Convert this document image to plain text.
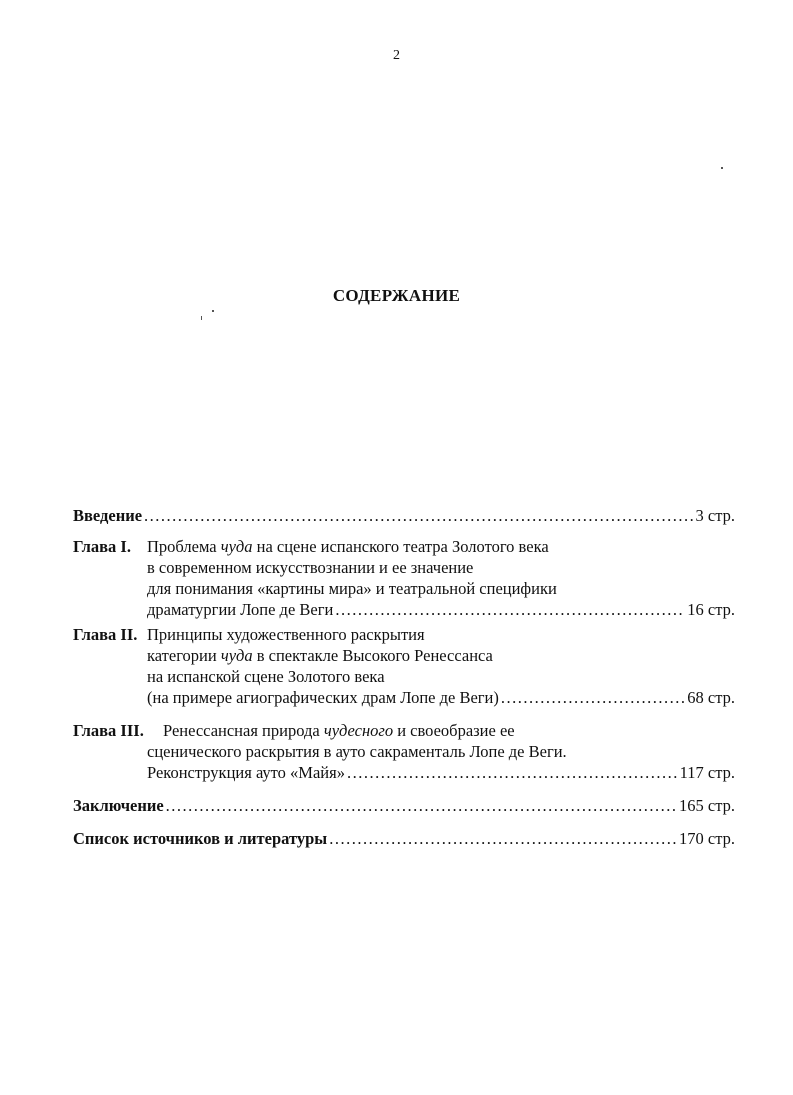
2
СОДЕРЖАНИЕ
Введение .....	3 стр.
Глава I. Проблема чуда на сцене испанского театра Золотого века
в современном искусствознании и ее значение
для понимания «картины мира» и театральной специфики
драматургии Лопе де Веги .....	16 стр.
Глава II. Принципы художественного раскрытия
категории чуда в спектакле Высокого Ренессанса
на испанской сцене Золотого века
(на примере агиографических драм Лопе де Веги) .....	68 стр.
Глава III.	Ренессансная природа чудесного и своеобразие ее
сценического раскрытия в ауто сакраменталь Лопе де Веги.
Реконструкция ауто «Майя» .....	117 стр.
Заключение .....	165 стр.
Список источников и литературы .....	170 стр.
